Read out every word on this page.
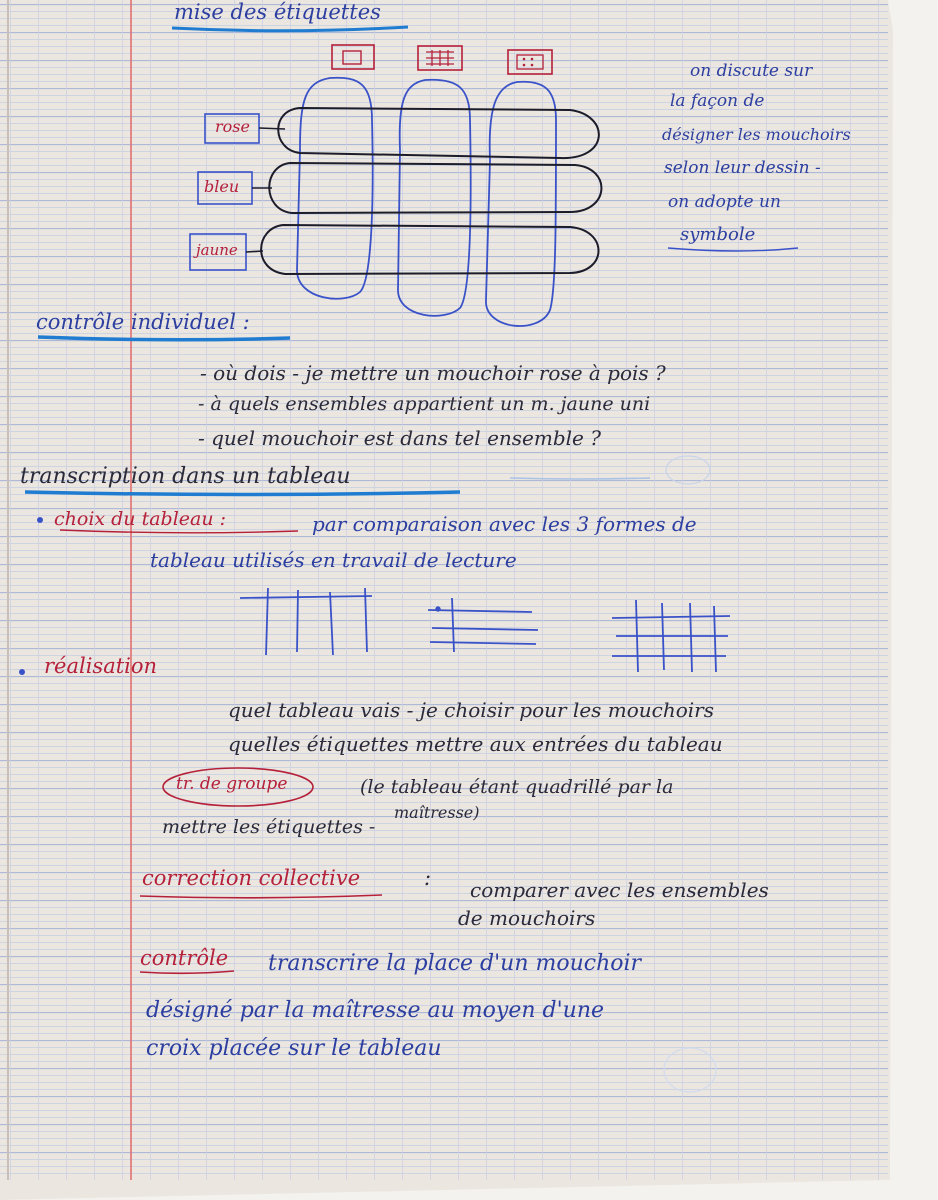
mise des étiquettes
on discute sur
la façon de
désigner les mouchoirs
selon leur dessin -
on adopte un
symbole
rose
bleu
jaune
contrôle individuel :
- où dois - je mettre un mouchoir rose à pois ?
- à quels ensembles appartient un m. jaune uni
- quel mouchoir est dans tel ensemble ?
transcription dans un tableau
choix du tableau :	par comparaison avec les 3 formes de
tableau utilisés en travail de lecture
réalisation
quel tableau vais - je choisir pour les mouchoirs
quelles étiquettes mettre aux entrées du tableau
tr. de groupe	(le tableau étant quadrillé par la
maîtresse)
mettre les étiquettes -
correction collective	: comparer avec les ensembles
de mouchoirs
contrôle transcrire la place d'un mouchoir
désigné par la maîtresse au moyen d'une
croix placée sur le tableau
